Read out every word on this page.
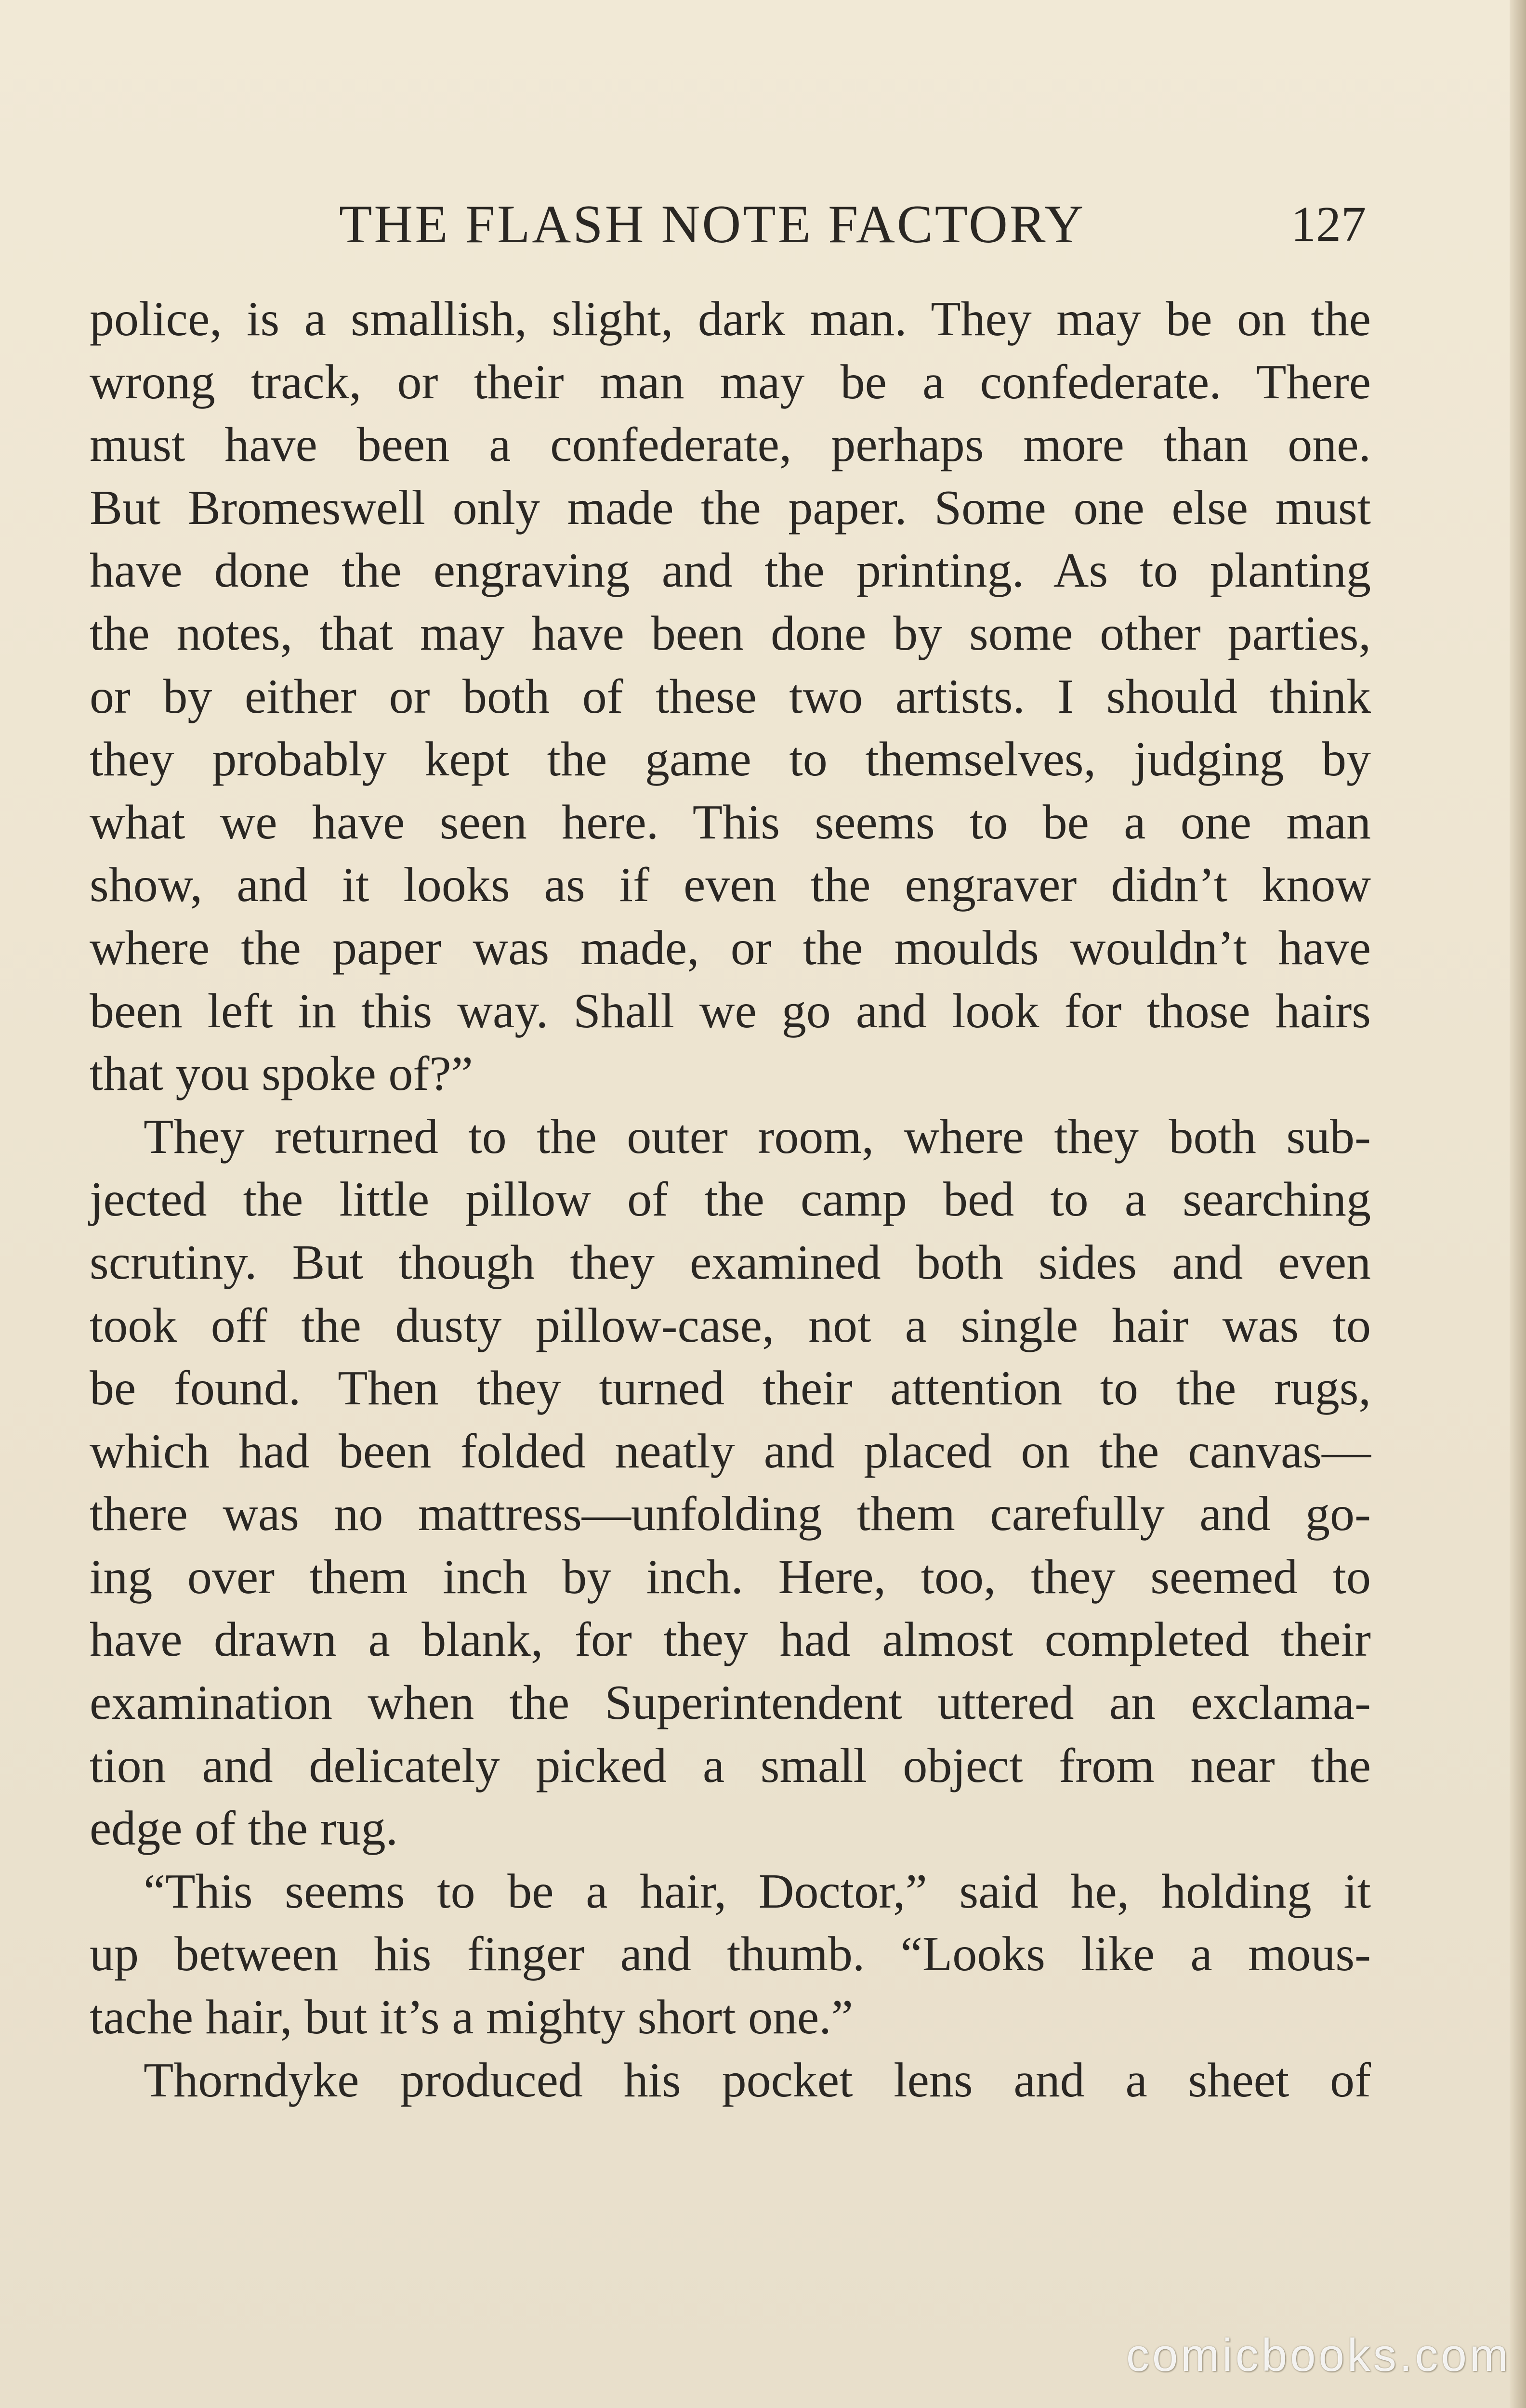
THE FLASH NOTE FACTORY	127
police, is a smallish, slight, dark man. They may be on the
wrong track, or their man may be a confederate. There
must have been a confederate, perhaps more than one.
But Bromeswell only made the paper. Some one else must
have done the engraving and the printing. As to planting
the notes, that may have been done by some other parties,
or by either or both of these two artists. I should think
they probably kept the game to themselves, judging by
what we have seen here. This seems to be a one man
show, and it looks as if even the engraver didn’t know
where the paper was made, or the moulds wouldn’t have
been left in this way. Shall we go and look for those hairs
that you spoke of?”
They returned to the outer room, where they both sub-
jected the little pillow of the camp bed to a searching
scrutiny. But though they examined both sides and even
took off the dusty pillow-case, not a single hair was to
be found. Then they turned their attention to the rugs,
which had been folded neatly and placed on the canvas—
there was no mattress—unfolding them carefully and go-
ing over them inch by inch. Here, too, they seemed to
have drawn a blank, for they had almost completed their
examination when the Superintendent uttered an exclama-
tion and delicately picked a small object from near the
edge of the rug.
“This seems to be a hair, Doctor,” said he, holding it
up between his finger and thumb. “Looks like a mous-
tache hair, but it’s a mighty short one.”
Thorndyke produced his pocket lens and a sheet of
comicbooks.com
